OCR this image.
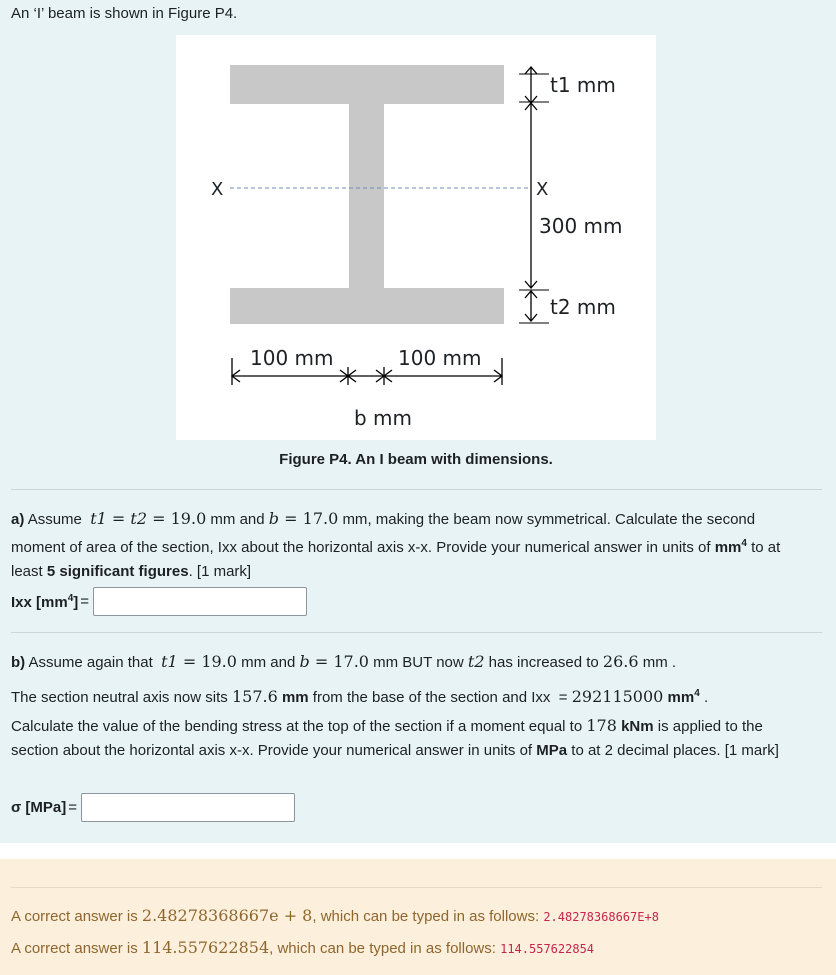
An ‘I’ beam is shown in Figure P4.
t1 mm
X	X
300 mm
t2 mm
100 mm	100 mm
b mm
Figure P4. An I beam with dimensions.
a) Assume t1 = t2 = 19.0 mm and b = 17.0 mm, making the beam now symmetrical. Calculate the second moment of area of the section, Ixx about the horizontal axis x-x. Provide your numerical answer in units of $mm^4$ to at least 5 significant figures. [1 mark]
Ixx $[mm^4]$ =
b) Assume again that t1 = 19.0 mm and b = 17.0 mm BUT now t2 has increased to 26.6 mm .
The section neutral axis now sits 157.6 mm from the base of the section and Ixx = 292115000 $mm^4$ .
Calculate the value of the bending stress at the top of the section if a moment equal to 178 kNm is applied to the section about the horizontal axis x-x. Provide your numerical answer in units of MPa to at 2 decimal places. [1 mark]
σ [MPa] =
A correct answer is 2.48278368667e + 8, which can be typed in as follows: 2.48278368667E+8
A correct answer is 114.557622854, which can be typed in as follows: 114.557622854
